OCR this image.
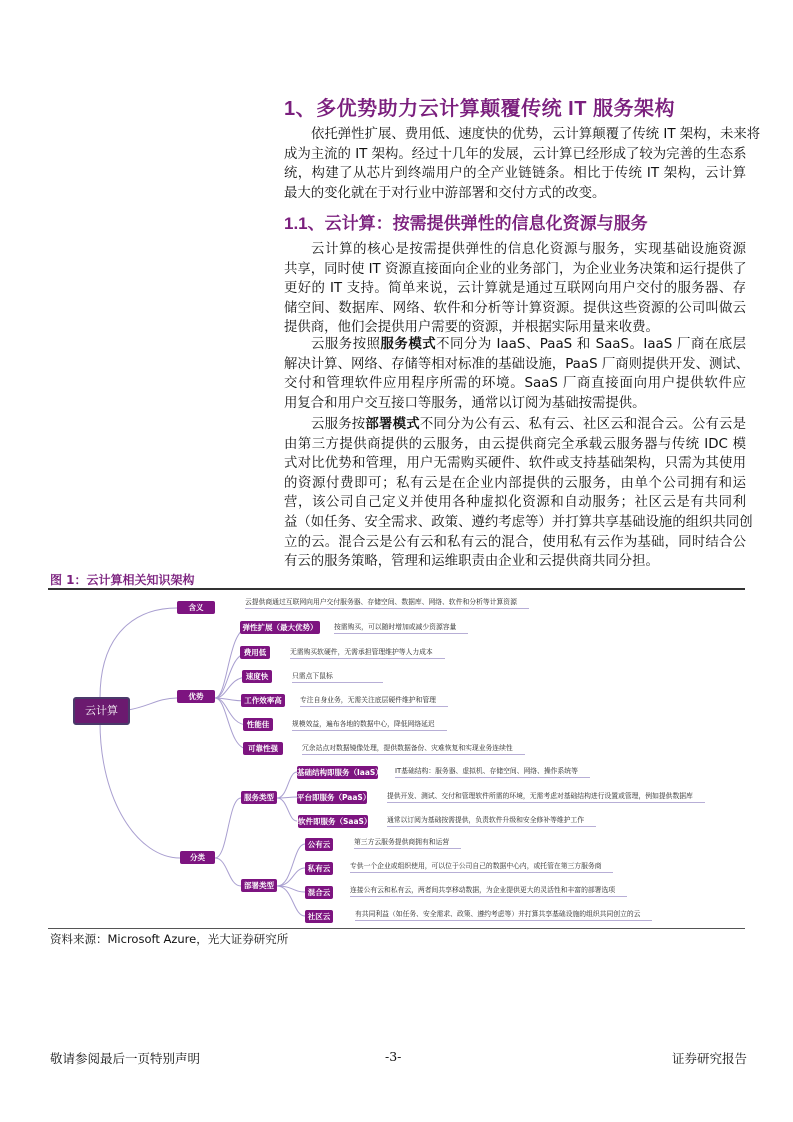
1、多优势助力云计算颠覆传统 IT 服务架构
1.1、云计算：按需提供弹性的信息化资源与服务
依托弹性扩展、费用低、速度快的优势，云计算颠覆了传统 IT 架构，未来将
成为主流的 IT 架构。经过十几年的发展，云计算已经形成了较为完善的生态系
统，构建了从芯片到终端用户的全产业链链条。相比于传统 IT 架构，云计算
最大的变化就在于对行业中游部署和交付方式的改变。
云计算的核心是按需提供弹性的信息化资源与服务，实现基础设施资源
共享，同时使 IT 资源直接面向企业的业务部门，为企业业务决策和运行提供了
更好的 IT 支持。简单来说，云计算就是通过互联网向用户交付的服务器、存
储空间、数据库、网络、软件和分析等计算资源。提供这些资源的公司叫做云
提供商，他们会提供用户需要的资源，并根据实际用量来收费。
云服务按照服务模式不同分为 IaaS、PaaS 和 SaaS。IaaS 厂商在底层
解决计算、网络、存储等相对标准的基础设施，PaaS 厂商则提供开发、测试、
交付和管理软件应用程序所需的环境。SaaS 厂商直接面向用户提供软件应
用复合和用户交互接口等服务，通常以订阅为基础按需提供。
云服务按部署模式不同分为公有云、私有云、社区云和混合云。公有云是
由第三方提供商提供的云服务，由云提供商完全承载云服务器与传统 IDC 模
式对比优势和管理，用户无需购买硬件、软件或支持基础架构，只需为其使用
的资源付费即可；私有云是在企业内部提供的云服务，由单个公司拥有和运
营，该公司自己定义并使用各种虚拟化资源和自动服务；社区云是有共同利
益（如任务、安全需求、政策、遵约考虑等）并打算共享基础设施的组织共同创
立的云。混合云是公有云和私有云的混合，使用私有云作为基础，同时结合公
有云的服务策略，管理和运维职责由企业和云提供商共同分担。
图 1：云计算相关知识架构
云计算
含义
云提供商通过互联网向用户交付服务器、存储空间、数据库、网络、软件和分析等计算资源
优势
弹性扩展（最大优势）	按需购买，可以随时增加或减少资源容量
费用低	无需购买软硬件，无需承担管理维护等人力成本
速度快	只需点下鼠标
工作效率高	专注自身业务，无需关注底层硬件维护和管理
性能佳	规模效益，遍布各地的数据中心，降低网络延迟
可靠性强	冗余站点对数据镜像处理，提供数据备份、灾难恢复和实现业务连续性
分类
服务类型
基础结构即服务（IaaS） IT基础结构：服务器、虚拟机、存储空间、网络、操作系统等
平台即服务（PaaS） 提供开发、测试、交付和管理软件所需的环境，无需考虑对基础结构进行设置或管理，例如提供数据库
软件即服务（SaaS） 通常以订阅为基础按需提供，负责软件升级和安全修补等维护工作
部署类型
公有云	第三方云服务提供商拥有和运营
私有云	专供一个企业或组织使用，可以位于公司自己的数据中心内，或托管在第三方服务商
混合云	连接公有云和私有云，两者间共享移动数据，为企业提供更大的灵活性和丰富的部署选项
社区云	有共同利益（如任务、安全需求、政策、遵约考虑等）并打算共享基础设施的组织共同创立的云
资料来源：Microsoft Azure，光大证券研究所
敬请参阅最后一页特别声明	-3-	证券研究报告
